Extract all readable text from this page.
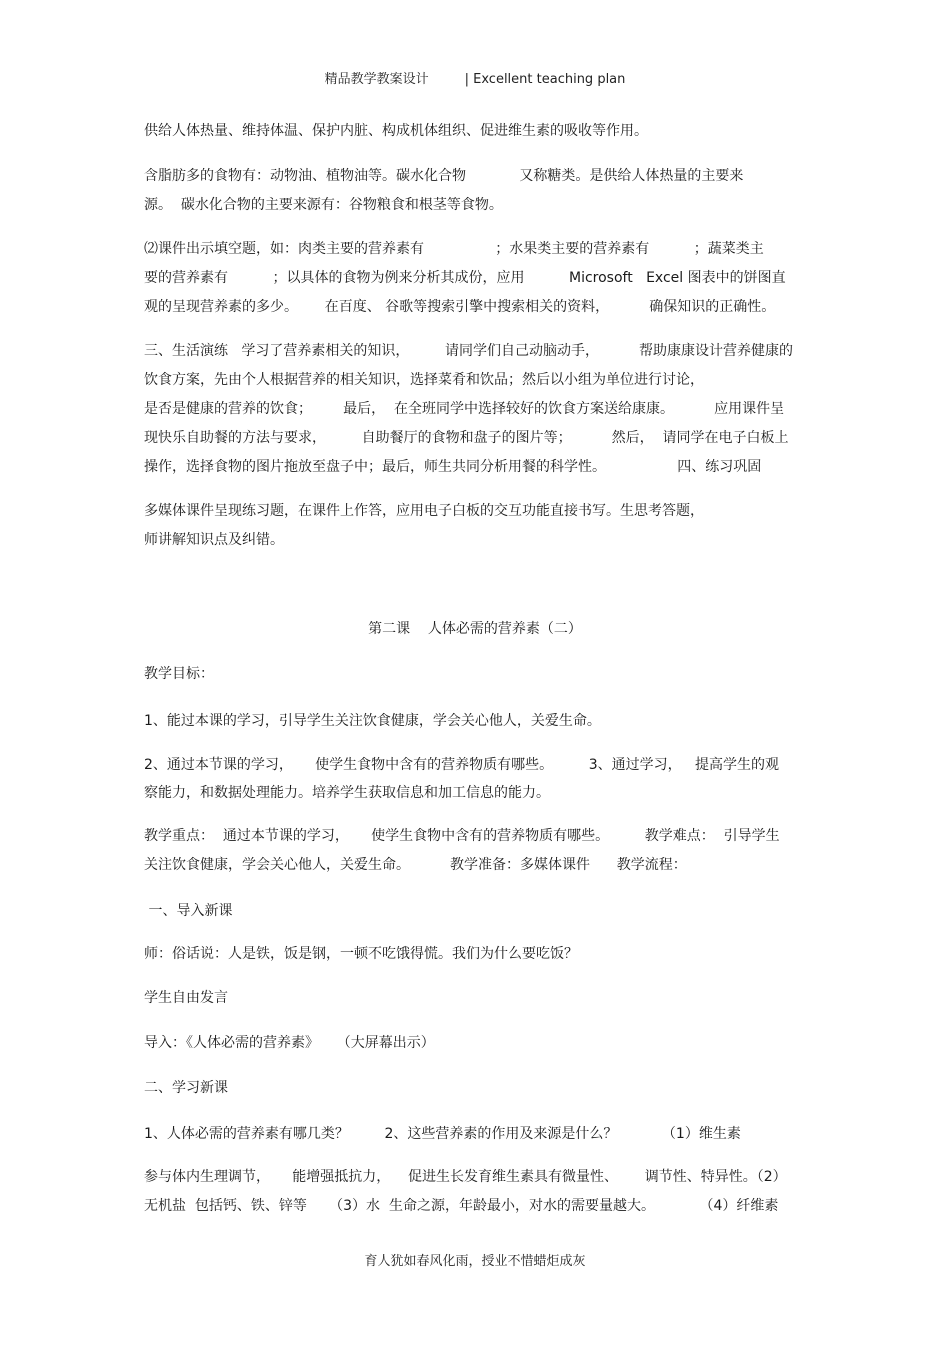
精品教学教案设计	| Excellent teaching plan
供给人体热量、维持体温、保护内脏、构成机体组织、促进维生素的吸收等作用。
含脂肪多的食物有：动物油、植物油等。碳水化合物            又称糖类。是供给人体热量的主要来
源。  碳水化合物的主要来源有：谷物粮食和根茎等食物。
⑵课件出示填空题，如：肉类主要的营养素有                ；水果类主要的营养素有          ；蔬菜类主
要的营养素有          ；以具体的食物为例来分析其成份，应用          Microsoft   Excel 图表中的饼图直
观的呈现营养素的多少。      在百度、 谷歌等搜索引擎中搜索相关的资料，         确保知识的正确性。
三、生活演练   学习了营养素相关的知识，        请同学们自己动脑动手，         帮助康康设计营养健康的
饮食方案，先由个人根据营养的相关知识，选择菜肴和饮品；然后以小组为单位进行讨论，
是否是健康的营养的饮食；       最后，  在全班同学中选择较好的饮食方案送给康康。         应用课件呈
现快乐自助餐的方法与要求，        自助餐厅的食物和盘子的图片等；         然后，  请同学在电子白板上
操作，选择食物的图片拖放至盘子中；最后，师生共同分析用餐的科学性。                四、练习巩固
多媒体课件呈现练习题，在课件上作答，应用电子白板的交互功能直接书写。生思考答题，
师讲解知识点及纠错。
第二课    人体必需的营养素（二）
教学目标：
1、能过本课的学习，引导学生关注饮食健康，学会关心他人，关爱生命。
2、通过本节课的学习，     使学生食物中含有的营养物质有哪些。        3、通过学习，   提高学生的观
察能力，和数据处理能力。培养学生获取信息和加工信息的能力。
教学重点：  通过本节课的学习，     使学生食物中含有的营养物质有哪些。        教学难点：  引导学生
关注饮食健康，学会关心他人，关爱生命。         教学准备：多媒体课件      教学流程：
一、导入新课
师：俗话说：人是铁，饭是钢，一顿不吃饿得慌。我们为什么要吃饭？
学生自由发言
导入：《人体必需的营养素》    （大屏幕出示）
二、学习新课
1、人体必需的营养素有哪几类？        2、这些营养素的作用及来源是什么？          （1）维生素
参与体内生理调节，     能增强抵抗力，    促进生长发育维生素具有微量性、      调节性、特异性。（2）
无机盐  包括钙、铁、锌等     （3）水  生命之源，年龄最小，对水的需要量越大。          （4）纤维素
育人犹如春风化雨，授业不惜蜡炬成灰
